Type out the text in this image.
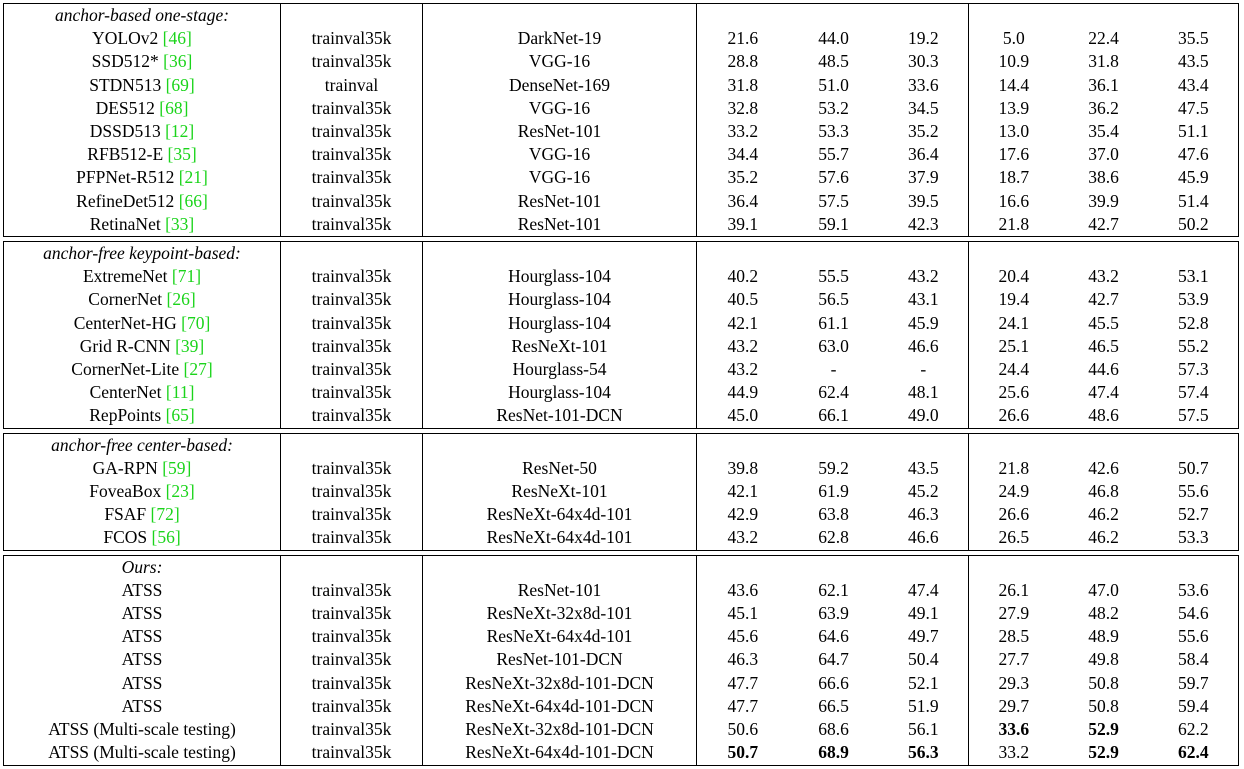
anchor-based one-stage:								
YOLOv2 [46]	trainval35k	DarkNet-19	21.6	44.0	19.2	5.0	22.4	35.5
SSD512* [36]	trainval35k	VGG-16	28.8	48.5	30.3	10.9	31.8	43.5
STDN513 [69]	trainval	DenseNet-169	31.8	51.0	33.6	14.4	36.1	43.4
DES512 [68]	trainval35k	VGG-16	32.8	53.2	34.5	13.9	36.2	47.5
DSSD513 [12]	trainval35k	ResNet-101	33.2	53.3	35.2	13.0	35.4	51.1
RFB512-E [35]	trainval35k	VGG-16	34.4	55.7	36.4	17.6	37.0	47.6
PFPNet-R512 [21]	trainval35k	VGG-16	35.2	57.6	37.9	18.7	38.6	45.9
RefineDet512 [66]	trainval35k	ResNet-101	36.4	57.5	39.5	16.6	39.9	51.4
RetinaNet [33]	trainval35k	ResNet-101	39.1	59.1	42.3	21.8	42.7	50.2

anchor-free keypoint-based:								
ExtremeNet [71]	trainval35k	Hourglass-104	40.2	55.5	43.2	20.4	43.2	53.1
CornerNet [26]	trainval35k	Hourglass-104	40.5	56.5	43.1	19.4	42.7	53.9
CenterNet-HG [70]	trainval35k	Hourglass-104	42.1	61.1	45.9	24.1	45.5	52.8
Grid R-CNN [39]	trainval35k	ResNeXt-101	43.2	63.0	46.6	25.1	46.5	55.2
CornerNet-Lite [27]	trainval35k	Hourglass-54	43.2	-	-	24.4	44.6	57.3
CenterNet [11]	trainval35k	Hourglass-104	44.9	62.4	48.1	25.6	47.4	57.4
RepPoints [65]	trainval35k	ResNet-101-DCN	45.0	66.1	49.0	26.6	48.6	57.5

anchor-free center-based:								
GA-RPN [59]	trainval35k	ResNet-50	39.8	59.2	43.5	21.8	42.6	50.7
FoveaBox [23]	trainval35k	ResNeXt-101	42.1	61.9	45.2	24.9	46.8	55.6
FSAF [72]	trainval35k	ResNeXt-64x4d-101	42.9	63.8	46.3	26.6	46.2	52.7
FCOS [56]	trainval35k	ResNeXt-64x4d-101	43.2	62.8	46.6	26.5	46.2	53.3

Ours:								
ATSS	trainval35k	ResNet-101	43.6	62.1	47.4	26.1	47.0	53.6
ATSS	trainval35k	ResNeXt-32x8d-101	45.1	63.9	49.1	27.9	48.2	54.6
ATSS	trainval35k	ResNeXt-64x4d-101	45.6	64.6	49.7	28.5	48.9	55.6
ATSS	trainval35k	ResNet-101-DCN	46.3	64.7	50.4	27.7	49.8	58.4
ATSS	trainval35k	ResNeXt-32x8d-101-DCN	47.7	66.6	52.1	29.3	50.8	59.7
ATSS	trainval35k	ResNeXt-64x4d-101-DCN	47.7	66.5	51.9	29.7	50.8	59.4
ATSS (Multi-scale testing)	trainval35k	ResNeXt-32x8d-101-DCN	50.6	68.6	56.1	33.6	52.9	62.2
ATSS (Multi-scale testing)	trainval35k	ResNeXt-64x4d-101-DCN	50.7	68.9	56.3	33.2	52.9	62.4
